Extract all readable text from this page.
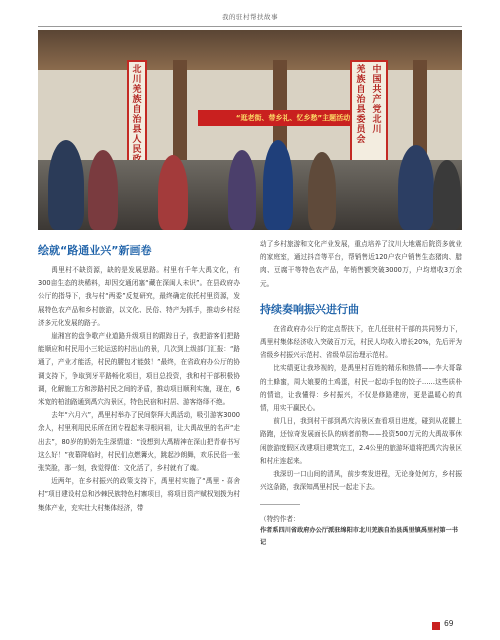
我的驻村帮扶故事
“逛老街、带乡礼、忆乡愁”主题活动
北川羌族自治县人民
中国共产党北川
羌族自治县委员会
绘就“路通业兴”新画卷

禹里村不缺资源，缺的是发展思路。村里有千年大禹文化，有300亩生态的块稀料，却因交通闭塞“藏在深闺人未识”。在县政府办公厅的指导下，我与村“两委”反复研究，最终确定依托村里资源，发展特色农产品和乡村旅游，以文化、民俗、特产为抓手，推动乡村经济多元化发展的路子。

崖湘宫的盘争歌产业道路升级项目的跟踪日子，我把游客们把路能顺应和村民用小三轮运送的村出山的景，几次到上级部门汇报：“路通了，产业才能活，村民的腰包才能鼓！”最终，在省政府办公厅的协调支持下，争取到牙平路畅化项目，项目总投资，我和村干部积极协调，化解施工方和涉路村民之间的矛盾，推动项目顺利实施，现在，6米宽的柏油路通到禹穴沟景区，特色民宿和村居、游客络绎不绝。

去年“六月六”，禹里村举办了民间祭拜大禹活动，吸引游客3000余人，村里利用民乐所在团专程起来寻根问祖，让大禹故里的名声“走出去”，80岁的奶奶先生深情道：“没想到大禹精神在深山把青春书写这么好！”夜幕降临时，村民们点燃篝火，跳起沙朗舞，欢乐民俗一张张笑脸，那一刻，我觉得值：文化活了，乡村就有了魂。

近两年，在乡村振兴的政策支持下，禹里村实施了“禹里・喜舍村”项目建设村总和沙棘民族特色村寨项目，将项目资产赋权划拨为村集体产业，充实壮大村集体经济，带

动了乡村旅游和文化产业发展，重点培养了汶川大地震后院资多就业的家庭室，通过抖音等平台，帮销售近120户农户销售生态猪肉、腊肉、豆腐干等特色农产品，年销售额突破3000万，户均增收3万余元。

持续奏响振兴进行曲

在省政府办公厅的定点帮扶下，在几任驻村干部的共同努力下，禹里村集体经济收入突破百万元，村民人均收入增长20%，先后评为省级乡村振兴示范村、省级单层治理示范村。

比实绩更让我珍视的，是禹里村百姓的精乐和热情——李大哥靠的土蜂蜜，周大娘要的土鸡蛋，村民一起动手包的饺子……这些质朴的情谊，让我懂得：乡村振兴，不仅是修路建房，更是温暖心的真情，用实干赢民心。

前几日，我到村干部到禹穴沟景区查看项目进度，碰到从花腰上路跑，还惊奇发展面长队的病者前物——投资500万元的大禹故事休闲旅游度假区改建项目建筑完工，2.4公里的旅游环道将把禹穴沟景区和村庄连起来。

我深切一口山间的清风，前步奏发进程，无论身处何方，乡村振兴这条路，我深知禹里村民一起走下去。

（特约作者：
作者系四川省政府办公厅派驻绵阳市北川羌族自治县禹里镇禹里村第一书记
69
